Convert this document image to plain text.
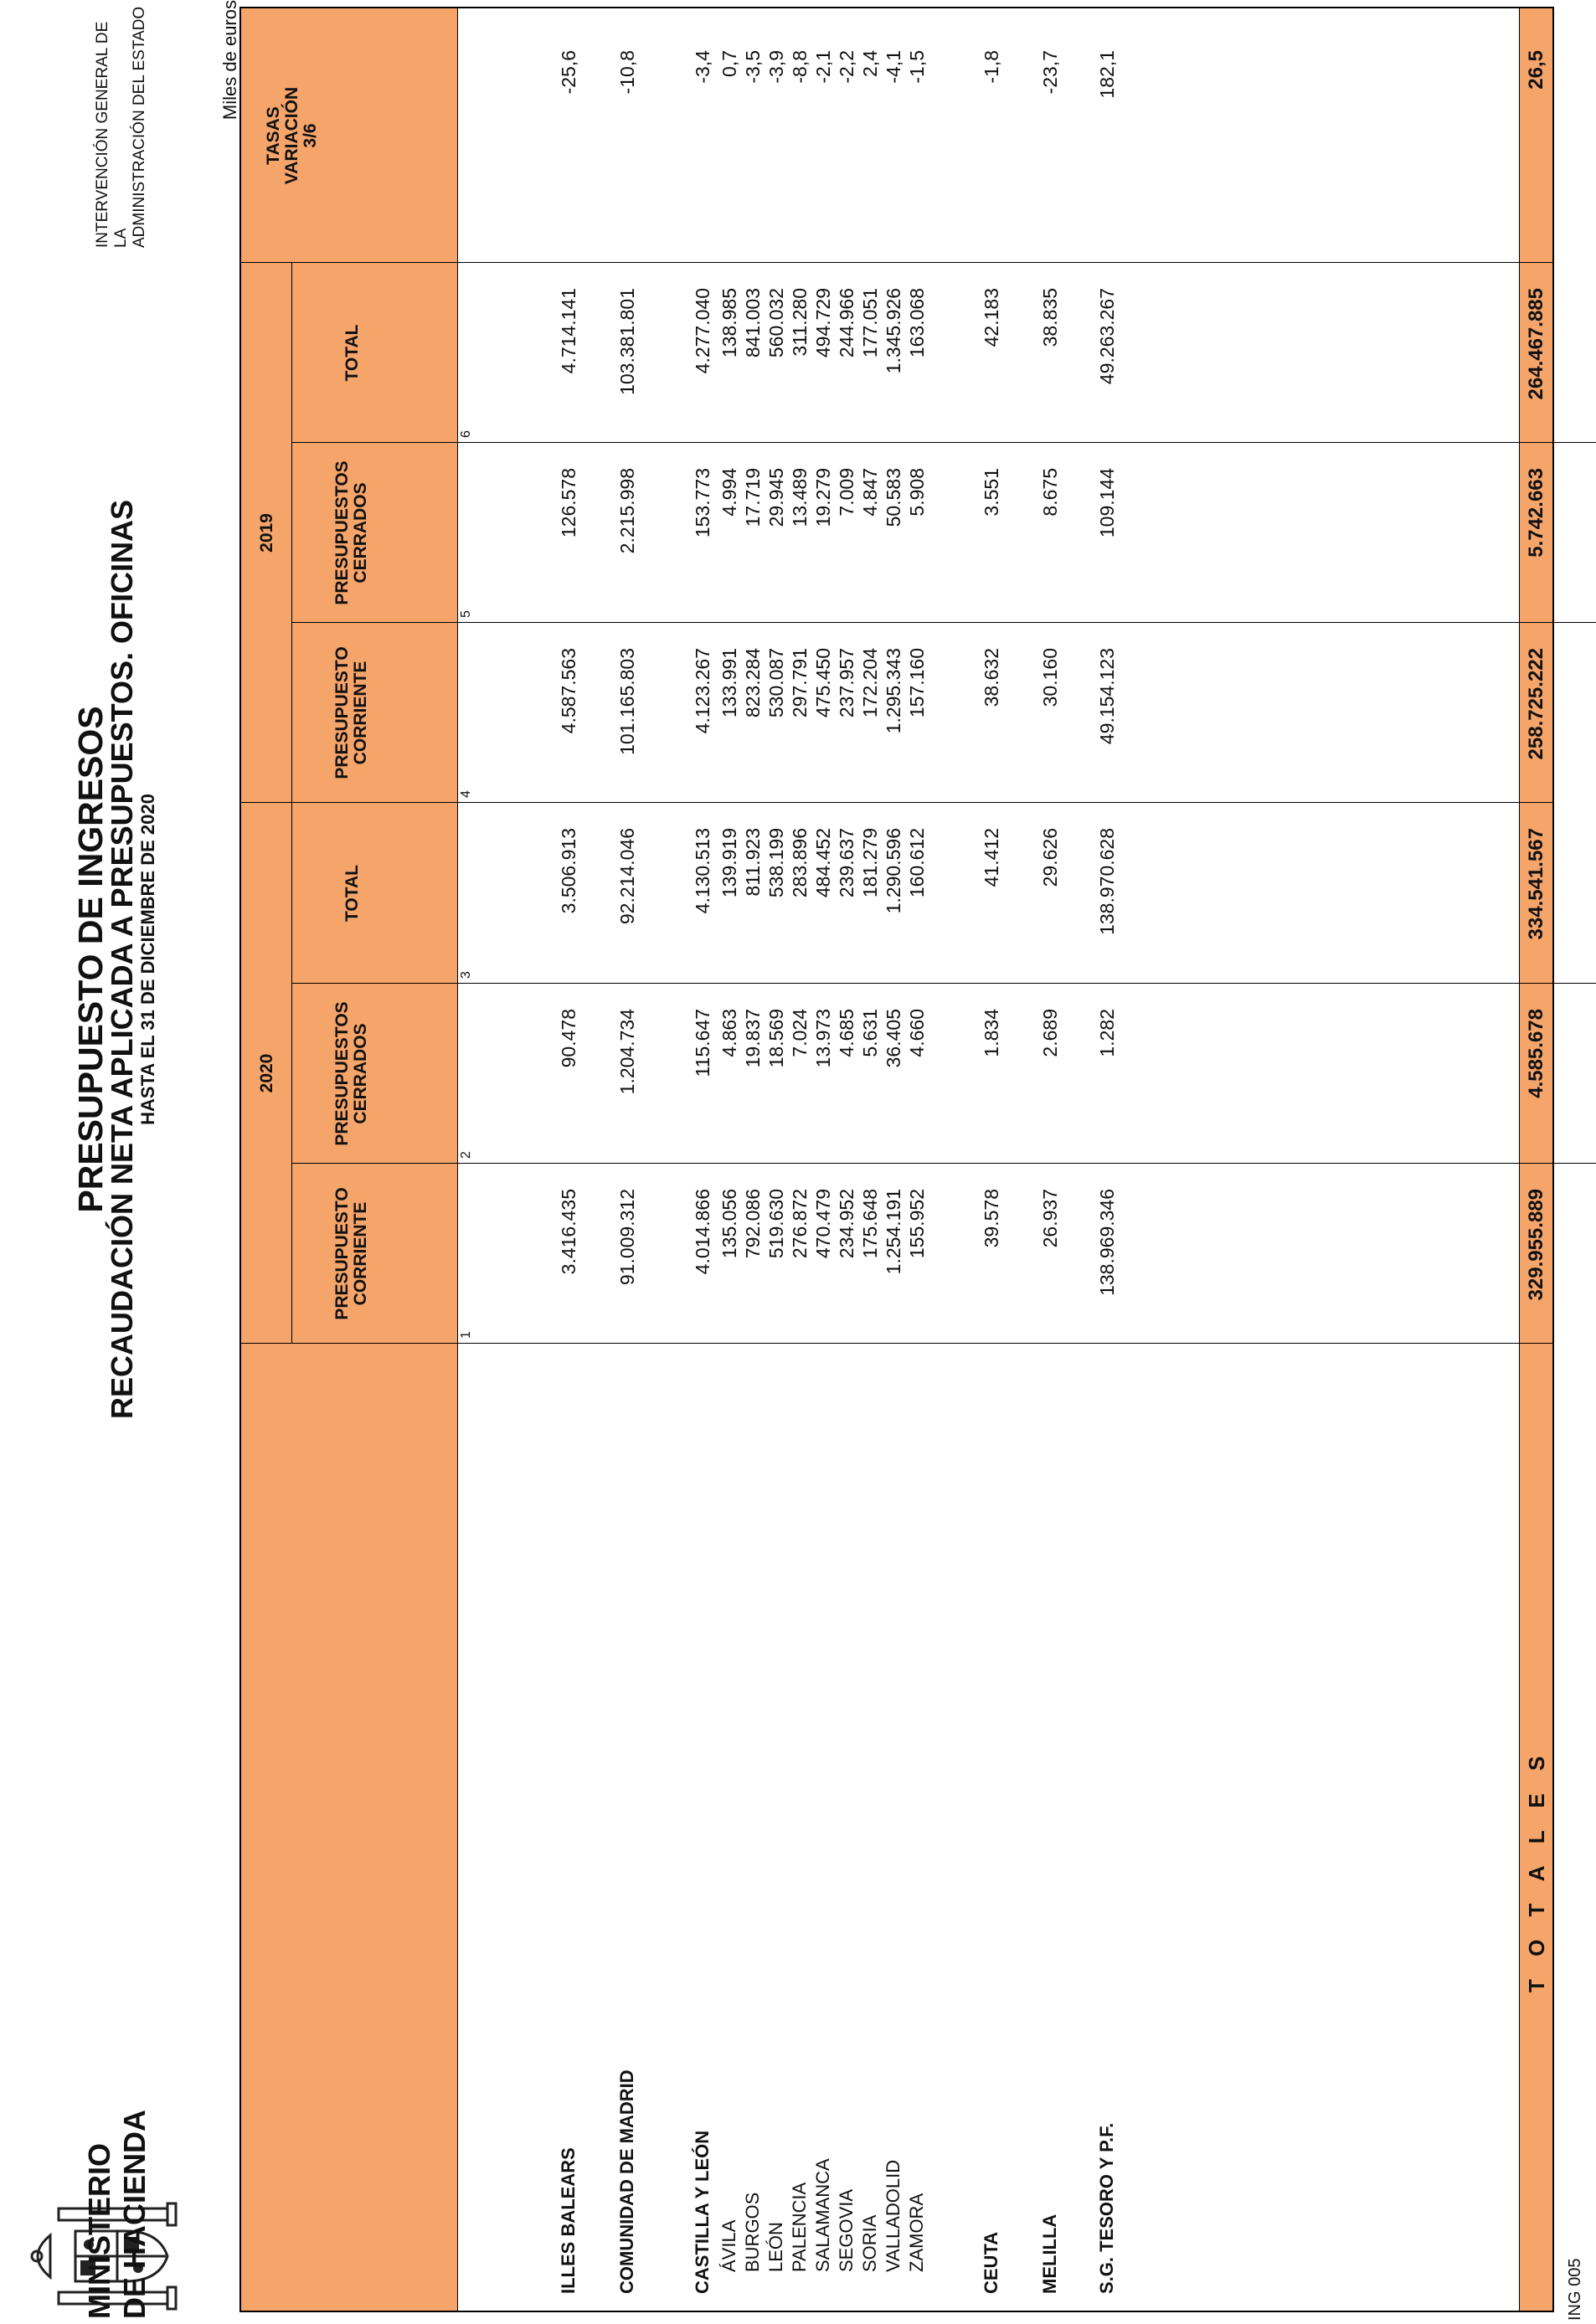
MINISTERIO DE HACIENDA
PRESUPUESTO DE INGRESOS
RECAUDACIÓN NETA APLICADA A PRESUPUESTOS. OFICINAS
HASTA EL 31 DE DICIEMBRE DE 2020
INTERVENCIÓN GENERAL DE LA ADMINISTRACIÓN DEL ESTADO	Miles de euros
2020
2019
PRESUPUESTO CORRIENTE
1
PRESUPUESTOS CERRADOS
2
TOTAL
3
PRESUPUESTO CORRIENTE
4
PRESUPUESTOS CERRADOS
5
TOTAL
6
TASAS VARIACIÓN 3/6
ILLES BALEARS
3.416.435
90.478
3.506.913
4.587.563
126.578
4.714.141
-25,6
COMUNIDAD DE MADRID
91.009.312
1.204.734
92.214.046
101.165.803
2.215.998
103.381.801
-10,8
CASTILLA Y LEÓN
4.014.866
115.647
4.130.513
4.123.267
153.773
4.277.040
-3,4
ÁVILA
135.056
4.863
139.919
133.991
4.994
138.985
0,7
BURGOS
792.086
19.837
811.923
823.284
17.719
841.003
-3,5
LEÓN
519.630
18.569
538.199
530.087
29.945
560.032
-3,9
PALENCIA
276.872
7.024
283.896
297.791
13.489
311.280
-8,8
SALAMANCA
470.479
13.973
484.452
475.450
19.279
494.729
-2,1
SEGOVIA
234.952
4.685
239.637
237.957
7.009
244.966
-2,2
SORIA
175.648
5.631
181.279
172.204
4.847
177.051
2,4
VALLADOLID
1.254.191
36.405
1.290.596
1.295.343
50.583
1.345.926
-4,1
ZAMORA
155.952
4.660
160.612
157.160
5.908
163.068
-1,5
CEUTA
39.578
1.834
41.412
38.632
3.551
42.183
-1,8
MELILLA
26.937
2.689
29.626
30.160
8.675
38.835
-23,7
S.G. TESORO Y P.F.
138.969.346
1.282
138.970.628
49.154.123
109.144
49.263.267
182,1
T O T A L E S
329.955.889
4.585.678
334.541.567
258.725.222
5.742.663
264.467.885
26,5
ING 005
